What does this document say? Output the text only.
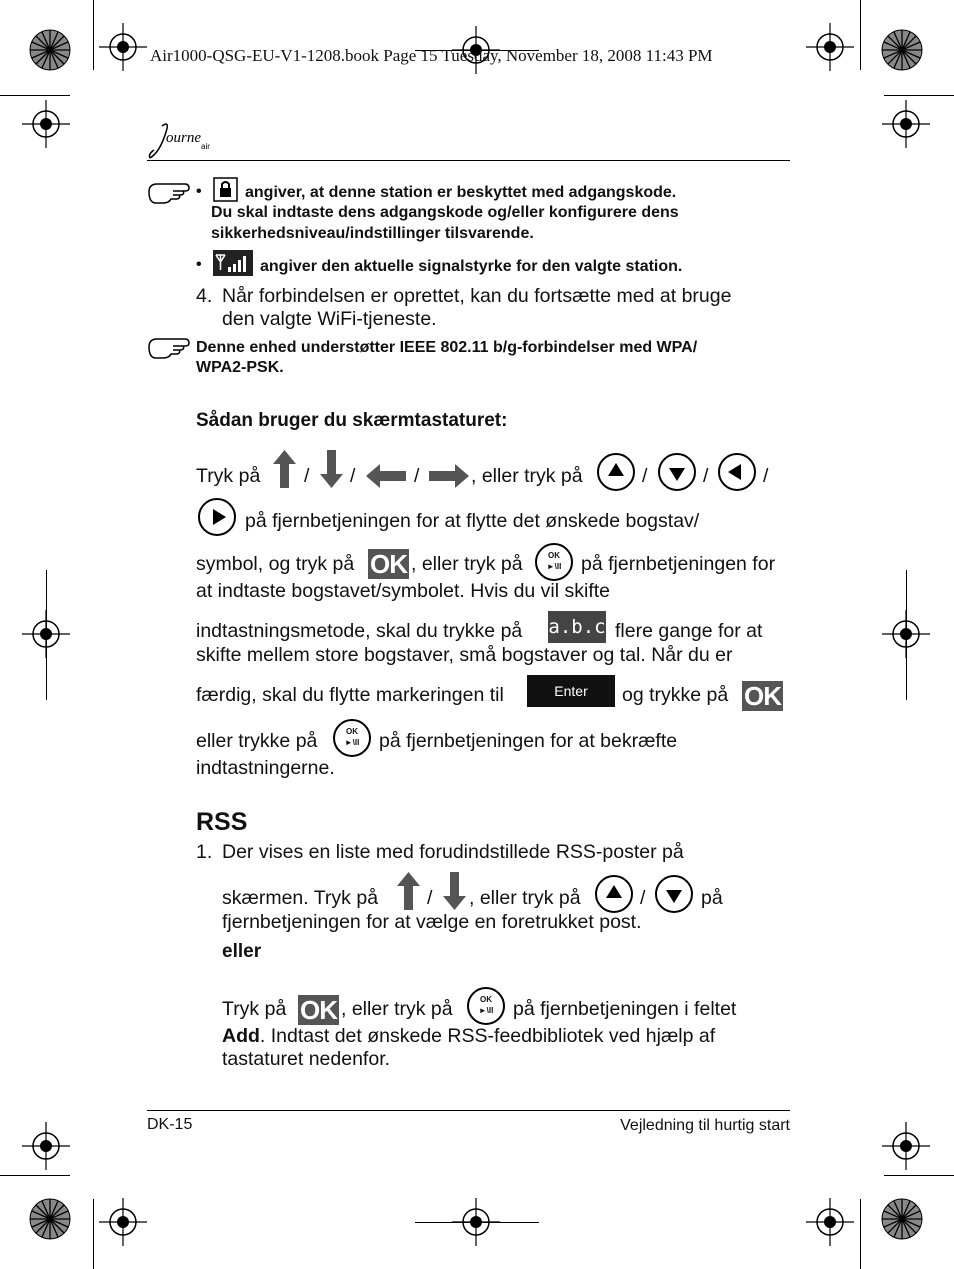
Air1000-QSG-EU-V1-1208.book Page 15 Tuesday, November 18, 2008 11:43 PM
ourne
air
•	angiver, at denne station er beskyttet med adgangskode.
Du skal indtaste dens adgangskode og/eller konfigurere dens
sikkerhedsniveau/indstillinger tilsvarende.
•	angiver den aktuelle signalstyrke for den valgte station.
4. Når forbindelsen er oprettet, kan du fortsætte med at bruge
den valgte WiFi-tjeneste.
Denne enhed understøtter IEEE 802.11 b/g-forbindelser med WPA/
WPA2-PSK.
Sådan bruger du skærmtastaturet:
Tryk på / /	/	, eller tryk på	/	/	/
på fjernbetjeningen for at flytte det ønskede bogstav/
symbol, og tryk på OK , eller tryk på	OK
►\II	på fjernbetjeningen for
at indtaste bogstavet/symbolet. Hvis du vil skifte
indtastningsmetode, skal du trykke på a.b.c flere gange for at
skifte mellem store bogstaver, små bogstaver og tal. Når du er
færdig, skal du flytte markeringen til	Enter	og trykke på OK
eller trykke på	OK
►\II	på fjernbetjeningen for at bekræfte
indtastningerne.
RSS
1. Der vises en liste med forudindstillede RSS-poster på
skærmen. Tryk på	/ , eller tryk på	/	på
fjernbetjeningen for at vælge en foretrukket post.
eller
Tryk på OK , eller tryk på	OK
►\II	på fjernbetjeningen i feltet
Add. Indtast det ønskede RSS-feedbibliotek ved hjælp af
tastaturet nedenfor.
DK-15	Vejledning til hurtig start
